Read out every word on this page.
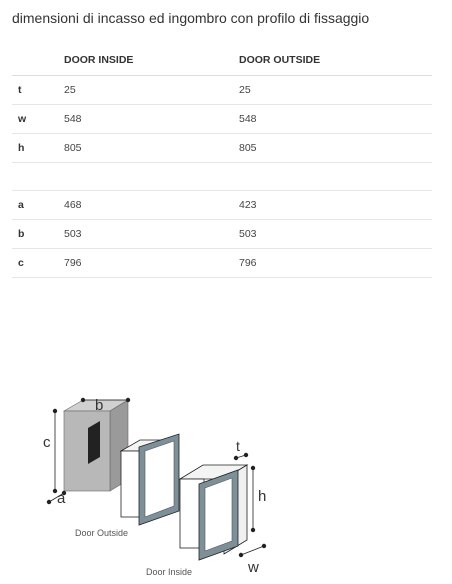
dimensioni di incasso ed ingombro con profilo di fissaggio

	DOOR INSIDE	DOOR OUTSIDE
t	25	25
w	548	548
h	805	805

a	468	423
b	503	503
c	796	796
c
b
a
Door Outside
t
h
w
Door Inside
